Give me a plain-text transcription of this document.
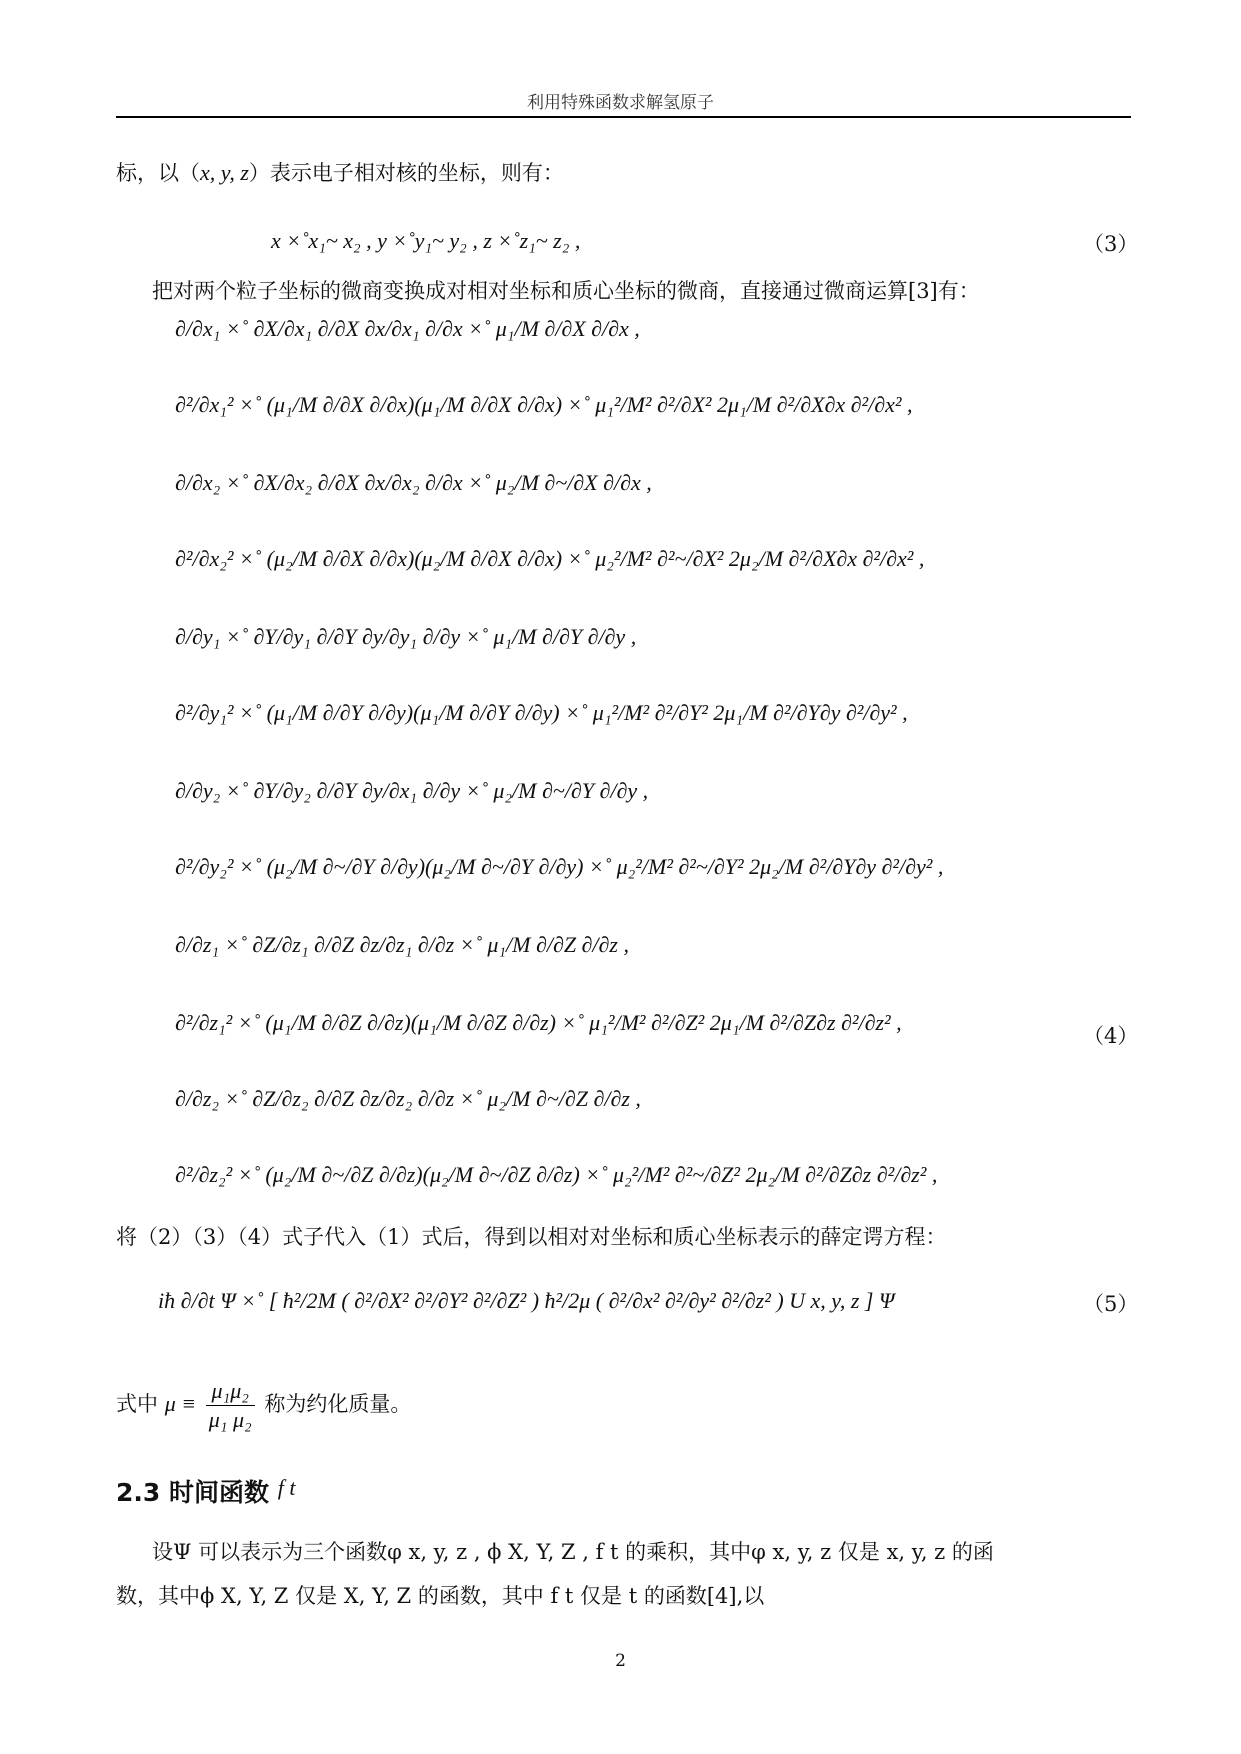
利用特殊函数求解氢原子
标，以（x, y, z）表示电子相对核的坐标，则有：
x ×˚x₁~ x₂ , y ×˚y₁~ y₂ , z ×˚z₁~ z₂ ,	（3）
把对两个粒子坐标的微商变换成对相对坐标和质心坐标的微商，直接通过微商运算[3]有：
∂/∂x₁ ×˚ ∂X/∂x₁ ∂/∂X ∂x/∂x₁ ∂/∂x ×˚ μ₁/M ∂/∂X ∂/∂x ,
∂²/∂x₁² ×˚ (μ₁/M ∂/∂X ∂/∂x)(μ₁/M ∂/∂X ∂/∂x) ×˚ μ₁²/M² ∂²/∂X² 2μ₁/M ∂²/∂X∂x ∂²/∂x² ,
∂/∂x₂ ×˚ ∂X/∂x₂ ∂/∂X ∂x/∂x₂ ∂/∂x ×˚ μ₂/M ∂~/∂X ∂/∂x ,
∂²/∂x₂² ×˚ (μ₂/M ∂/∂X ∂/∂x)(μ₂/M ∂/∂X ∂/∂x) ×˚ μ₂²/M² ∂²~/∂X² 2μ₂/M ∂²/∂X∂x ∂²/∂x² ,
∂/∂y₁ ×˚ ∂Y/∂y₁ ∂/∂Y ∂y/∂y₁ ∂/∂y ×˚ μ₁/M ∂/∂Y ∂/∂y ,
∂²/∂y₁² ×˚ (μ₁/M ∂/∂Y ∂/∂y)(μ₁/M ∂/∂Y ∂/∂y) ×˚ μ₁²/M² ∂²/∂Y² 2μ₁/M ∂²/∂Y∂y ∂²/∂y² ,
∂/∂y₂ ×˚ ∂Y/∂y₂ ∂/∂Y ∂y/∂x₁ ∂/∂y ×˚ μ₂/M ∂~/∂Y ∂/∂y ,
∂²/∂y₂² ×˚ (μ₂/M ∂~/∂Y ∂/∂y)(μ₂/M ∂~/∂Y ∂/∂y) ×˚ μ₂²/M² ∂²~/∂Y² 2μ₂/M ∂²/∂Y∂y ∂²/∂y² ,
∂/∂z₁ ×˚ ∂Z/∂z₁ ∂/∂Z ∂z/∂z₁ ∂/∂z ×˚ μ₁/M ∂/∂Z ∂/∂z ,
∂²/∂z₁² ×˚ (μ₁/M ∂/∂Z ∂/∂z)(μ₁/M ∂/∂Z ∂/∂z) ×˚ μ₁²/M² ∂²/∂Z² 2μ₁/M ∂²/∂Z∂z ∂²/∂z² ,
∂/∂z₂ ×˚ ∂Z/∂z₂ ∂/∂Z ∂z/∂z₂ ∂/∂z ×˚ μ₂/M ∂~/∂Z ∂/∂z ,
∂²/∂z₂² ×˚ (μ₂/M ∂~/∂Z ∂/∂z)(μ₂/M ∂~/∂Z ∂/∂z) ×˚ μ₂²/M² ∂²~/∂Z² 2μ₂/M ∂²/∂Z∂z ∂²/∂z² ,
（4）
将（2）（3）（4）式子代入（1）式后，得到以相对对坐标和质心坐标表示的薛定谔方程：
iħ ∂/∂t Ψ ×˚ [ ħ²/2M ( ∂²/∂X² ∂²/∂Y² ∂²/∂Z² ) ħ²/2μ ( ∂²/∂x² ∂²/∂y² ∂²/∂z² ) U x, y, z ] Ψ	（5）
式中 $\mu \equiv \frac{\text{μ₁μ₂}}{\text{μ₁ μ₂}}$ 称为约化质量。
2.3 时间函数 f t
设Ψ 可以表示为三个函数φ x, y, z , ϕ X, Y, Z , f t 的乘积，其中φ x, y, z 仅是 x, y, z 的函
数，其中ϕ X, Y, Z 仅是 X, Y, Z 的函数，其中 f t 仅是 t 的函数[4],以
2
